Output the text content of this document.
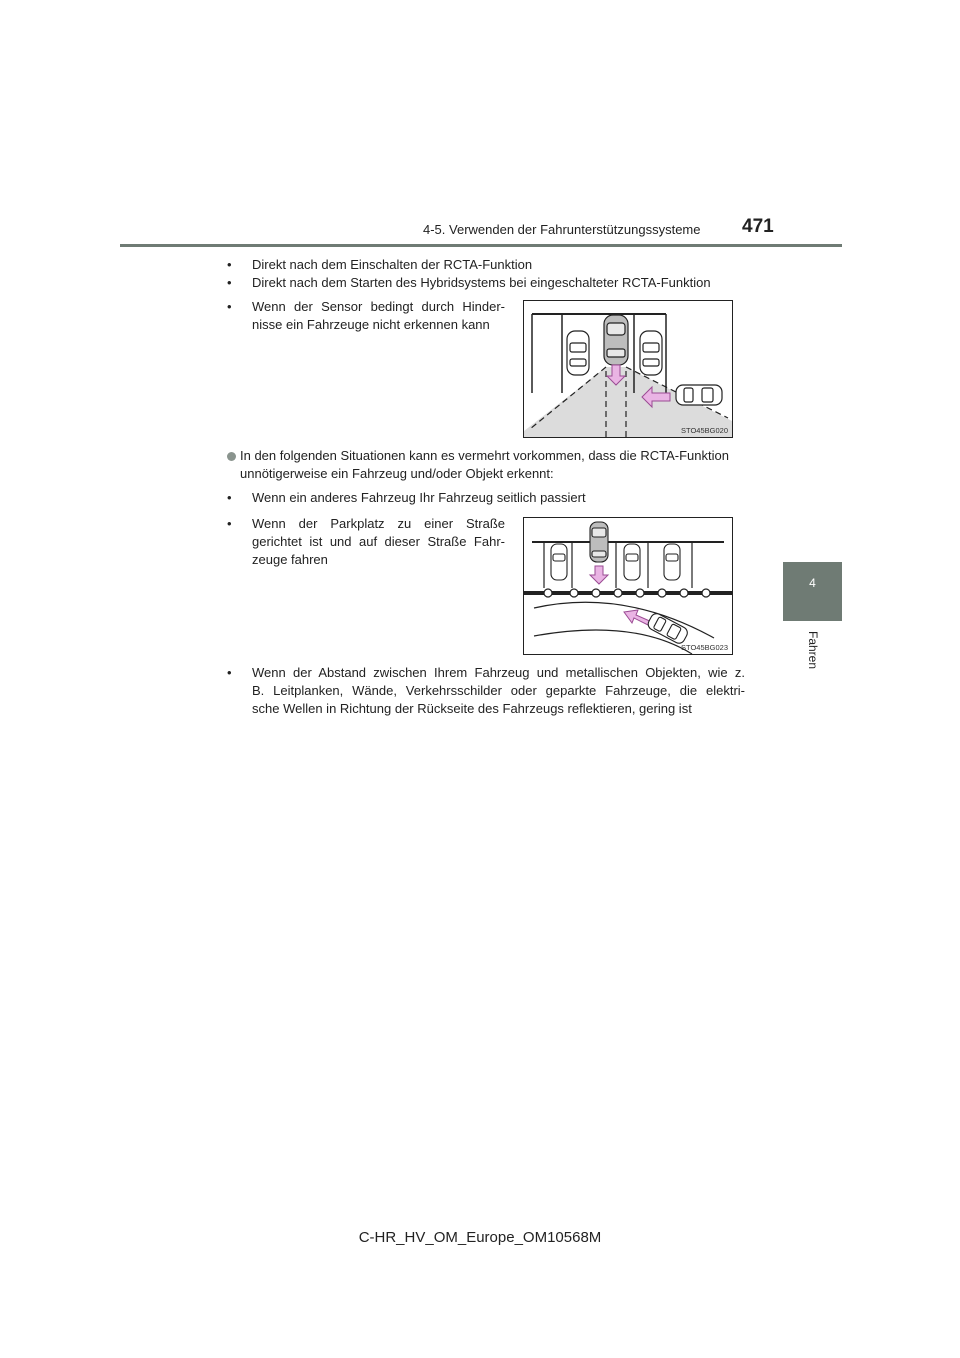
4-5. Verwenden der Fahrunterstützungssysteme 471
4
Fahren
•	Direkt nach dem Einschalten der RCTA-Funktion
•	Direkt nach dem Starten des Hybridsystems bei eingeschalteter RCTA-Funktion
•	Wenn der Sensor bedingt durch Hinder-
nisse ein Fahrzeuge nicht erkennen kann
STO45BG020
In den folgenden Situationen kann es vermehrt vorkommen, dass die RCTA-Funktion
unnötigerweise ein Fahrzeug und/oder Objekt erkennt:
•	Wenn ein anderes Fahrzeug Ihr Fahrzeug seitlich passiert
•	Wenn der Parkplatz zu einer Straße
gerichtet ist und auf dieser Straße Fahr-
zeuge fahren
STO45BG023
•	Wenn der Abstand zwischen Ihrem Fahrzeug und metallischen Objekten, wie z.
B. Leitplanken, Wände, Verkehrsschilder oder geparkte Fahrzeuge, die elektri-
sche Wellen in Richtung der Rückseite des Fahrzeugs reflektieren, gering ist
C-HR_HV_OM_Europe_OM10568M
